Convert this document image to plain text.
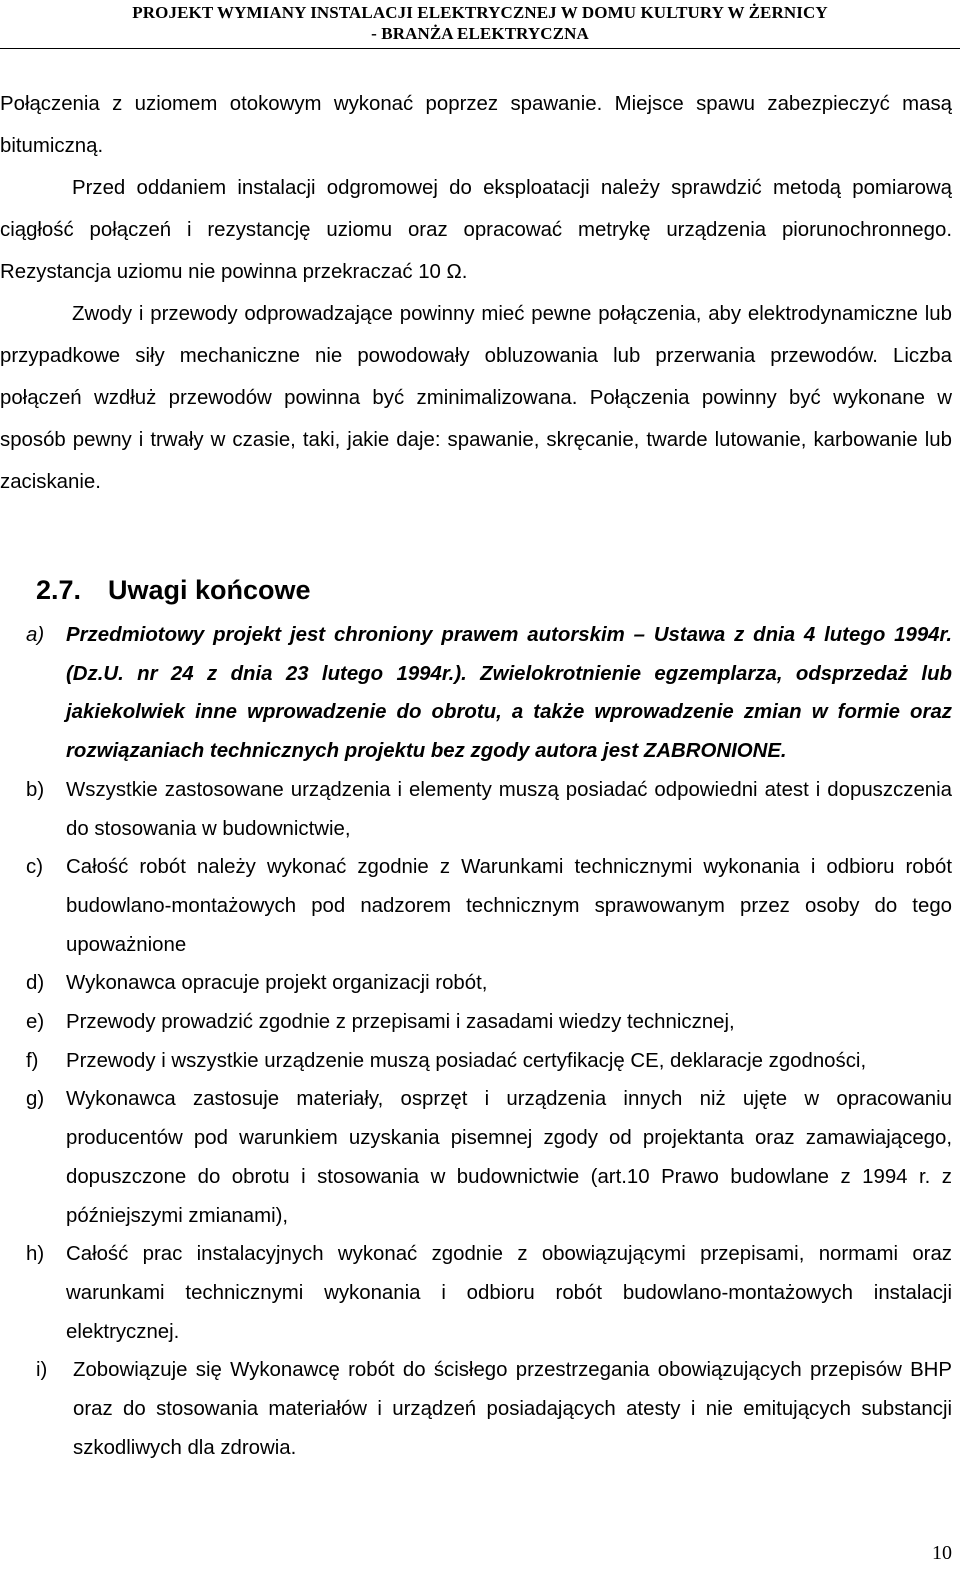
PROJEKT WYMIANY INSTALACJI ELEKTRYCZNEJ W DOMU KULTURY W ŻERNICY
- BRANŻA ELEKTRYCZNA

Połączenia z uziomem otokowym wykonać poprzez spawanie. Miejsce spawu zabezpieczyć masą bitumiczną.

Przed oddaniem instalacji odgromowej do eksploatacji należy sprawdzić metodą pomiarową ciągłość połączeń i rezystancję uziomu oraz opracować metrykę urządzenia piorunochronnego. Rezystancja uziomu nie powinna przekraczać 10 Ω.

Zwody i przewody odprowadzające powinny mieć pewne połączenia, aby elektrodynamiczne lub przypadkowe siły mechaniczne nie powodowały obluzowania lub przerwania przewodów. Liczba połączeń wzdłuż przewodów powinna być zminimalizowana. Połączenia powinny być wykonane w sposób pewny i trwały w czasie, taki, jakie daje: spawanie, skręcanie, twarde lutowanie, karbowanie lub zaciskanie.

2.7. Uwagi końcowe
a) Przedmiotowy projekt jest chroniony prawem autorskim – Ustawa z dnia 4 lutego 1994r. (Dz.U. nr 24 z dnia 23 lutego 1994r.). Zwielokrotnienie egzemplarza, odsprzedaż lub jakiekolwiek inne wprowadzenie do obrotu, a także wprowadzenie zmian w formie oraz rozwiązaniach technicznych projektu bez zgody autora jest ZABRONIONE.
b) Wszystkie zastosowane urządzenia i elementy muszą posiadać odpowiedni atest i dopuszczenia do stosowania w budownictwie,
c) Całość robót należy wykonać zgodnie z Warunkami technicznymi wykonania i odbioru robót budowlano-montażowych pod nadzorem technicznym sprawowanym przez osoby do tego upoważnione
d) Wykonawca opracuje projekt organizacji robót,
e) Przewody prowadzić zgodnie z przepisami i zasadami wiedzy technicznej,
f) Przewody i wszystkie urządzenie muszą posiadać certyfikację CE, deklaracje zgodności,
g) Wykonawca zastosuje materiały, osprzęt i urządzenia innych niż ujęte w opracowaniu producentów pod warunkiem uzyskania pisemnej zgody od projektanta oraz zamawiającego, dopuszczone do obrotu i stosowania w budownictwie (art.10 Prawo budowlane z 1994 r. z późniejszymi zmianami),
h) Całość prac instalacyjnych wykonać zgodnie z obowiązującymi przepisami, normami oraz warunkami technicznymi wykonania i odbioru robót budowlano-montażowych instalacji elektrycznej.
i) Zobowiązuje się Wykonawcę robót do ścisłego przestrzegania obowiązujących przepisów BHP oraz do stosowania materiałów i urządzeń posiadających atesty i nie emitujących substancji szkodliwych dla zdrowia.
10
